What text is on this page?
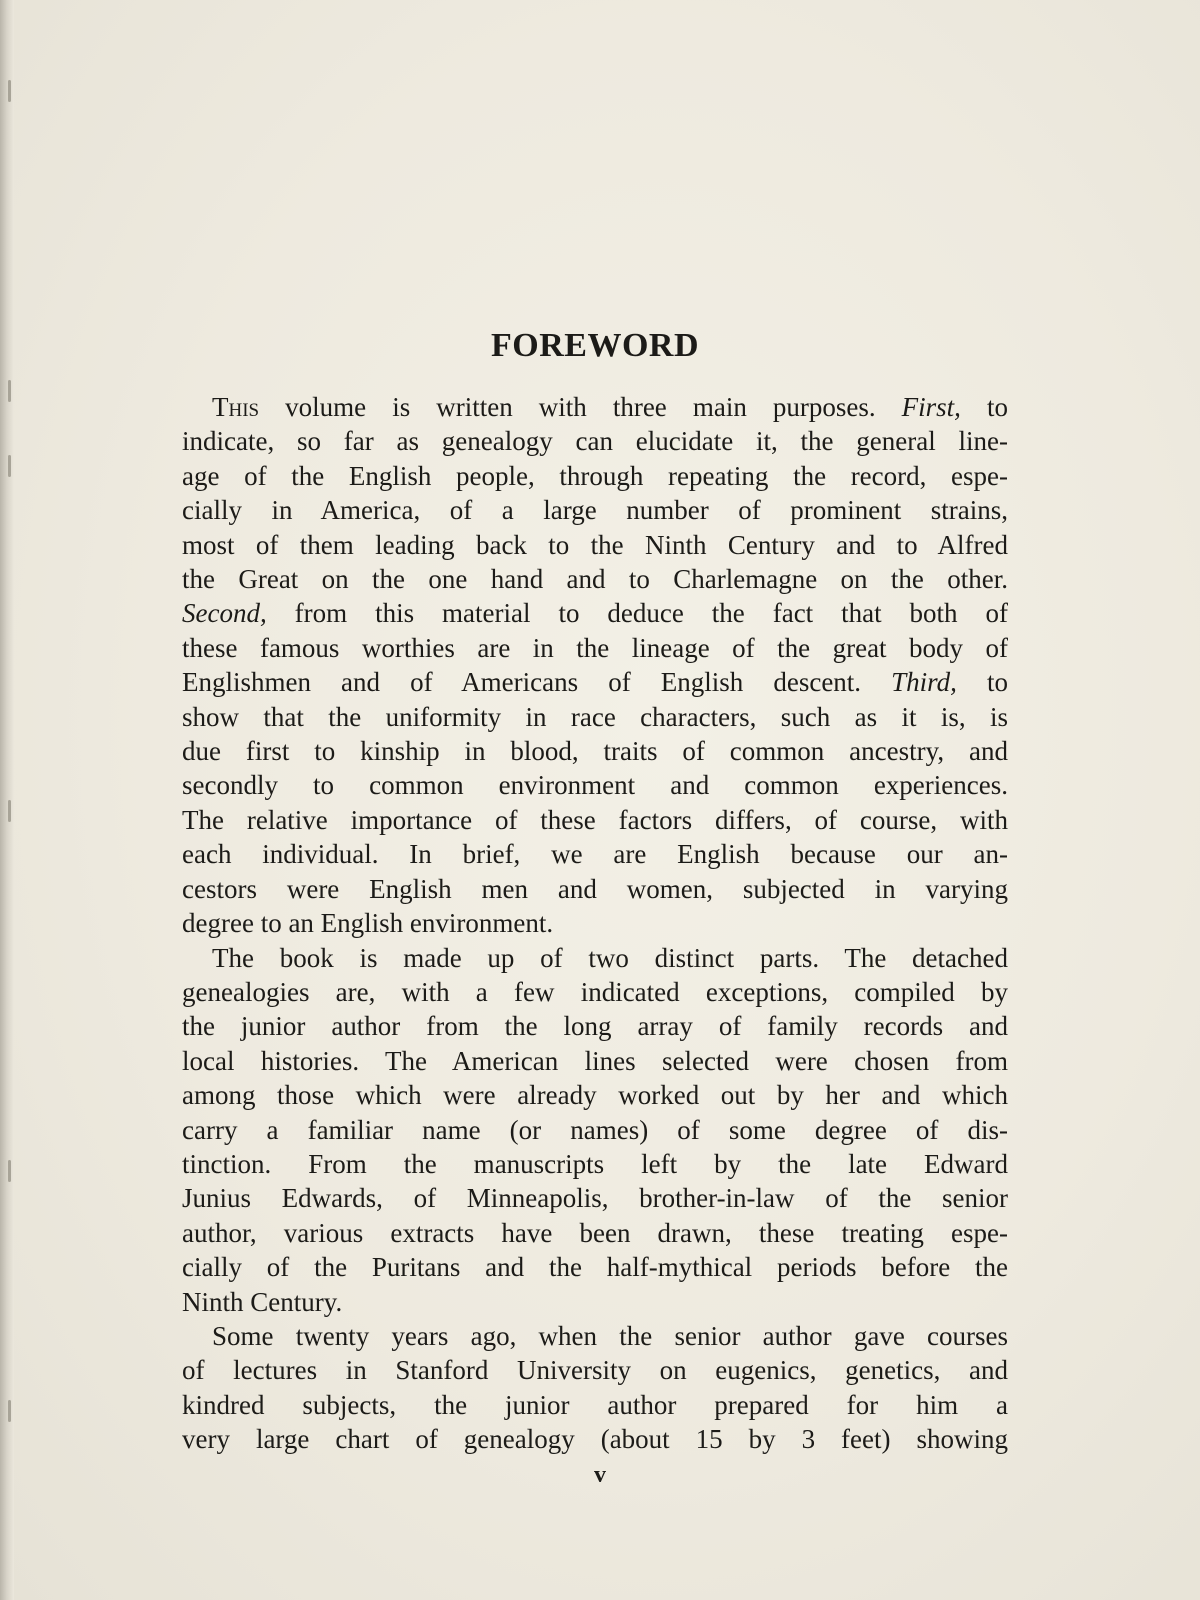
FOREWORD
This volume is written with three main purposes. First, to
indicate, so far as genealogy can elucidate it, the general line-
age of the English people, through repeating the record, espe-
cially in America, of a large number of prominent strains,
most of them leading back to the Ninth Century and to Alfred
the Great on the one hand and to Charlemagne on the other.
Second, from this material to deduce the fact that both of
these famous worthies are in the lineage of the great body of
Englishmen and of Americans of English descent. Third, to
show that the uniformity in race characters, such as it is, is
due first to kinship in blood, traits of common ancestry, and
secondly to common environment and common experiences.
The relative importance of these factors differs, of course, with
each individual. In brief, we are English because our an-
cestors were English men and women, subjected in varying
degree to an English environment.
The book is made up of two distinct parts. The detached
genealogies are, with a few indicated exceptions, compiled by
the junior author from the long array of family records and
local histories. The American lines selected were chosen from
among those which were already worked out by her and which
carry a familiar name (or names) of some degree of dis-
tinction. From the manuscripts left by the late Edward
Junius Edwards, of Minneapolis, brother-in-law of the senior
author, various extracts have been drawn, these treating espe-
cially of the Puritans and the half-mythical periods before the
Ninth Century.
Some twenty years ago, when the senior author gave courses
of lectures in Stanford University on eugenics, genetics, and
kindred subjects, the junior author prepared for him a
very large chart of genealogy (about 15 by 3 feet) showing
v
